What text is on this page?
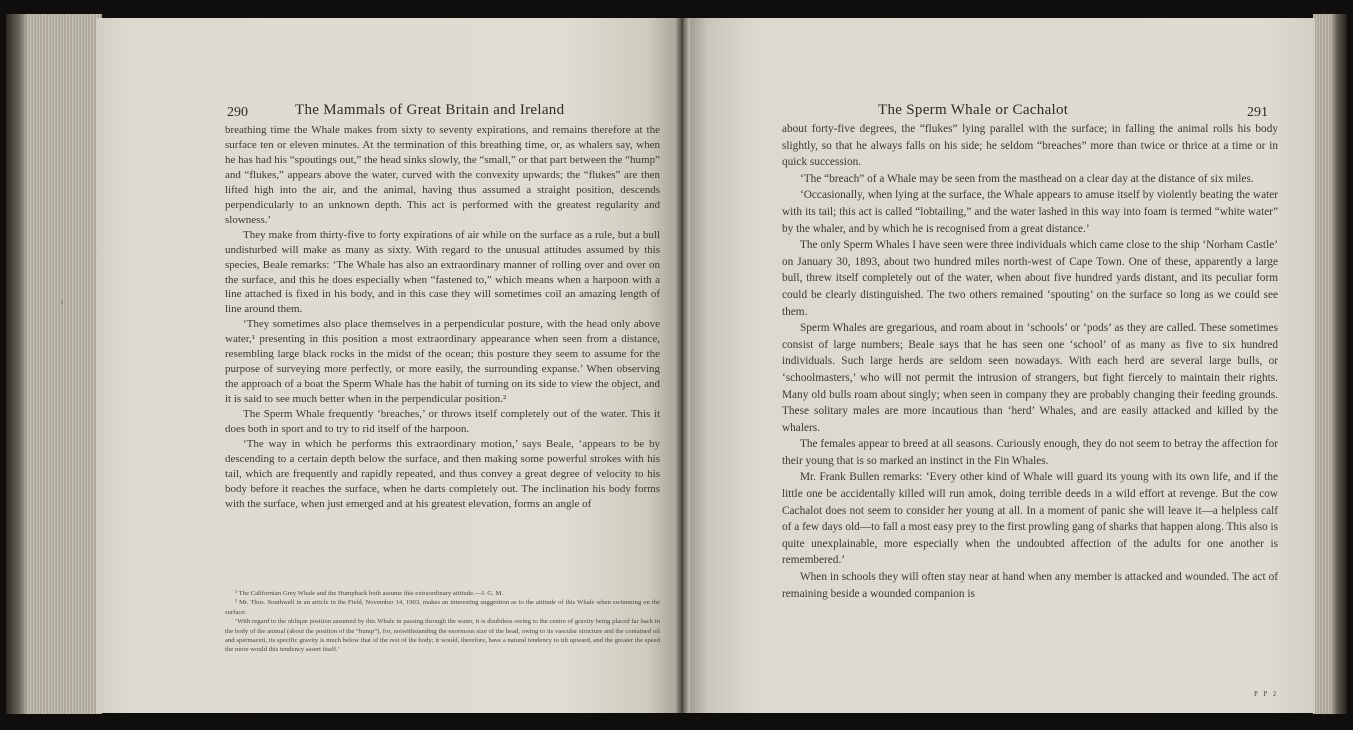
290	The Mammals of Great Britain and Ireland

breathing time the Whale makes from sixty to seventy expirations, and remains therefore at the surface ten or eleven minutes. At the termination of this breathing time, or, as whalers say, when he has had his “spoutings out,” the head sinks slowly, the “small,” or that part between the “hump” and “flukes,” appears above the water, curved with the convexity upwards; the “flukes” are then lifted high into the air, and the animal, having thus assumed a straight position, descends perpendicularly to an unknown depth. This act is performed with the greatest regularity and slowness.’

They make from thirty-five to forty expirations of air while on the surface as a rule, but a bull undisturbed will make as many as sixty. With regard to the unusual attitudes assumed by this species, Beale remarks: ‘The Whale has also an extraordinary manner of rolling over and over on the surface, and this he does especially when “fastened to,” which means when a harpoon with a line attached is fixed in his body, and in this case they will sometimes coil an amazing length of line around them.

‘They sometimes also place themselves in a perpendicular posture, with the head only above water,¹ presenting in this position a most extraordinary appearance when seen from a distance, resembling large black rocks in the midst of the ocean; this posture they seem to assume for the purpose of surveying more perfectly, or more easily, the surrounding expanse.’ When observing the approach of a boat the Sperm Whale has the habit of turning on its side to view the object, and it is said to see much better when in the perpendicular position.²

The Sperm Whale frequently ‘breaches,’ or throws itself completely out of the water. This it does both in sport and to try to rid itself of the harpoon.

‘The way in which he performs this extraordinary motion,’ says Beale, ‘appears to be by descending to a certain depth below the surface, and then making some powerful strokes with his tail, which are frequently and rapidly repeated, and thus convey a great degree of velocity to his body before it reaches the surface, when he darts completely out. The inclination his body forms with the surface, when just emerged and at his greatest elevation, forms an angle of

¹ The Californian Grey Whale and the Humpback both assume this extraordinary attitude.—J. G. M.

² Mr. Thos. Southwell in an article in the Field, November 14, 1903, makes an interesting suggestion as to the attitude of this Whale when swimming on the surface:

‘With regard to the oblique position assumed by this Whale in passing through the water, it is doubtless owing to the centre of gravity being placed far back in the body of the animal (about the position of the “hump”), for, notwithstanding the enormous size of the head, owing to its vascular structure and the contained oil and spermaceti, its specific gravity is much below that of the rest of the body; it would, therefore, have a natural tendency to tilt upward, and the greater the speed the more would this tendency assert itself.’

›
The Sperm Whale or Cachalot	291

about forty-five degrees, the “flukes” lying parallel with the surface; in falling the animal rolls his body slightly, so that he always falls on his side; he seldom “breaches” more than twice or thrice at a time or in quick succession.

‘The “breach” of a Whale may be seen from the masthead on a clear day at the distance of six miles.

‘Occasionally, when lying at the surface, the Whale appears to amuse itself by violently beating the water with its tail; this act is called “lobtailing,” and the water lashed in this way into foam is termed “white water” by the whaler, and by which he is recognised from a great distance.’

The only Sperm Whales I have seen were three individuals which came close to the ship ‘Norham Castle’ on January 30, 1893, about two hundred miles north-west of Cape Town. One of these, apparently a large bull, threw itself completely out of the water, when about five hundred yards distant, and its peculiar form could be clearly distinguished. The two others remained ‘spouting’ on the surface so long as we could see them.

Sperm Whales are gregarious, and roam about in ‘schools’ or ‘pods’ as they are called. These sometimes consist of large numbers; Beale says that he has seen one ‘school’ of as many as five to six hundred individuals. Such large herds are seldom seen nowadays. With each herd are several large bulls, or ‘schoolmasters,’ who will not permit the intrusion of strangers, but fight fiercely to maintain their rights. Many old bulls roam about singly; when seen in company they are probably changing their feeding grounds. These solitary males are more incautious than ‘herd’ Whales, and are easily attacked and killed by the whalers.

The females appear to breed at all seasons. Curiously enough, they do not seem to betray the affection for their young that is so marked an instinct in the Fin Whales.

Mr. Frank Bullen remarks: ‘Every other kind of Whale will guard its young with its own life, and if the little one be accidentally killed will run amok, doing terrible deeds in a wild effort at revenge. But the cow Cachalot does not seem to consider her young at all. In a moment of panic she will leave it—a helpless calf of a few days old—to fall a most easy prey to the first prowling gang of sharks that happen along. This also is quite unexplainable, more especially when the undoubted affection of the adults for one another is remembered.’

When in schools they will often stay near at hand when any member is attacked and wounded. The act of remaining beside a wounded companion is

P P 2
